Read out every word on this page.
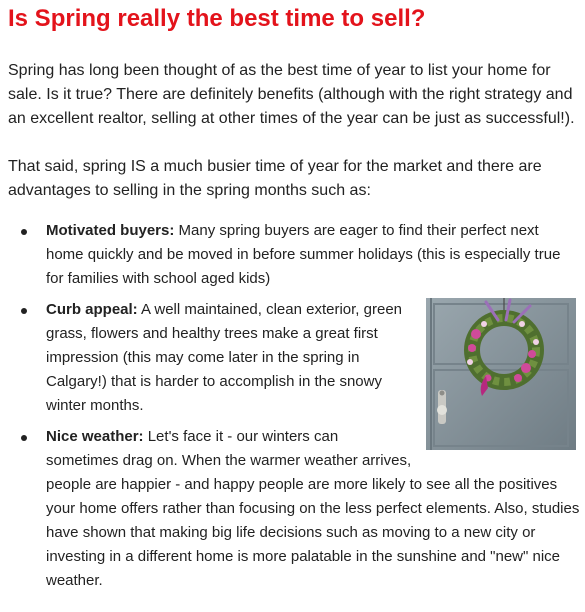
Is Spring really the best time to sell?

Spring has long been thought of as the best time of year to list your home for sale. Is it true? There are definitely benefits (although with the right strategy and an excellent realtor, selling at other times of the year can be just as successful!).

That said, spring IS a much busier time of year for the market and there are advantages to selling in the spring months such as:

Motivated buyers: Many spring buyers are eager to find their perfect next home quickly and be moved in before summer holidays (this is especially true for families with school aged kids)
Curb appeal: A well maintained, clean exterior, green grass, flowers and healthy trees make a great first impression (this may come later in the spring in Calgary!) that is harder to accomplish in the snowy winter months.
Nice weather: Let's face it - our winters can sometimes drag on. When the warmer weather arrives, people are happier - and happy people are more likely to see all the positives your home offers rather than focusing on the less perfect elements. Also, studies have shown that making big life decisions such as moving to a new city or investing in a different home is more palatable in the sunshine and "new" nice weather.
